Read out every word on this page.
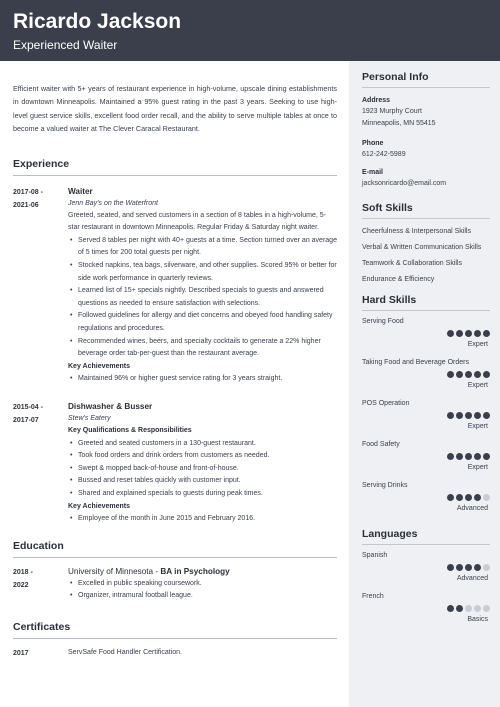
Ricardo Jackson
Experienced Waiter

Efficient waiter with 5+ years of restaurant experience in high-volume, upscale dining establishments in downtown Minneapolis. Maintained a 95% guest rating in the past 3 years. Seeking to use high-level guest service skills, excellent food order recall, and the ability to serve multiple tables at once to become a valued waiter at The Clever Caracal Restaurant.

Experience
2017-08 -
2021-06
Waiter
Jenn Bay's on the Waterfront
Greeted, seated, and served customers in a section of 8 tables in a high-volume, 5-star restaurant in downtown Minneapolis. Regular Friday & Saturday night waiter.
• Served 8 tables per night with 40+ guests at a time. Section turned over an average of 5 times for 200 total guests per night.
• Stocked napkins, tea bags, silverware, and other supplies. Scored 95% or better for side work performance in quarterly reviews.
• Learned list of 15+ specials nightly. Described specials to guests and answered questions as needed to ensure satisfaction with selections.
• Followed guidelines for allergy and diet concerns and obeyed food handling safety regulations and procedures.
• Recommended wines, beers, and specialty cocktails to generate a 22% higher beverage order tab-per-guest than the restaurant average.
Key Achievements
• Maintained 96% or higher guest service rating for 3 years straight.
2015-04 -
2017-07
Dishwasher & Busser
Stew's Eatery
Key Qualifications & Responsibilities
• Greeted and seated customers in a 130-guest restaurant.
• Took food orders and drink orders from customers as needed.
• Swept & mopped back-of-house and front-of-house.
• Bussed and reset tables quickly with customer input.
• Shared and explained specials to guests during peak times.
Key Achievements
• Employee of the month in June 2015 and February 2016.
Education
2018 -
2022
University of Minnesota - BA in Psychology
• Excelled in public speaking coursework.
• Organizer, intramural football league.
Certificates
2017	ServSafe Food Handler Certification.
Personal Info
Address
1923 Murphy Court
Minneapolis, MN 55415
Phone
612-242-5989
E-mail
jacksonricardo@email.com
Soft Skills
Cheerfulness & Interpersonal Skills
Verbal & Written Communication Skills
Teamwork & Collaboration Skills
Endurance & Efficiency
Hard Skills
Serving Food
Expert
Taking Food and Beverage Orders
Expert
POS Operation
Expert
Food Safety
Expert
Serving Drinks
Advanced
Languages
Spanish
Advanced
French
Basics
